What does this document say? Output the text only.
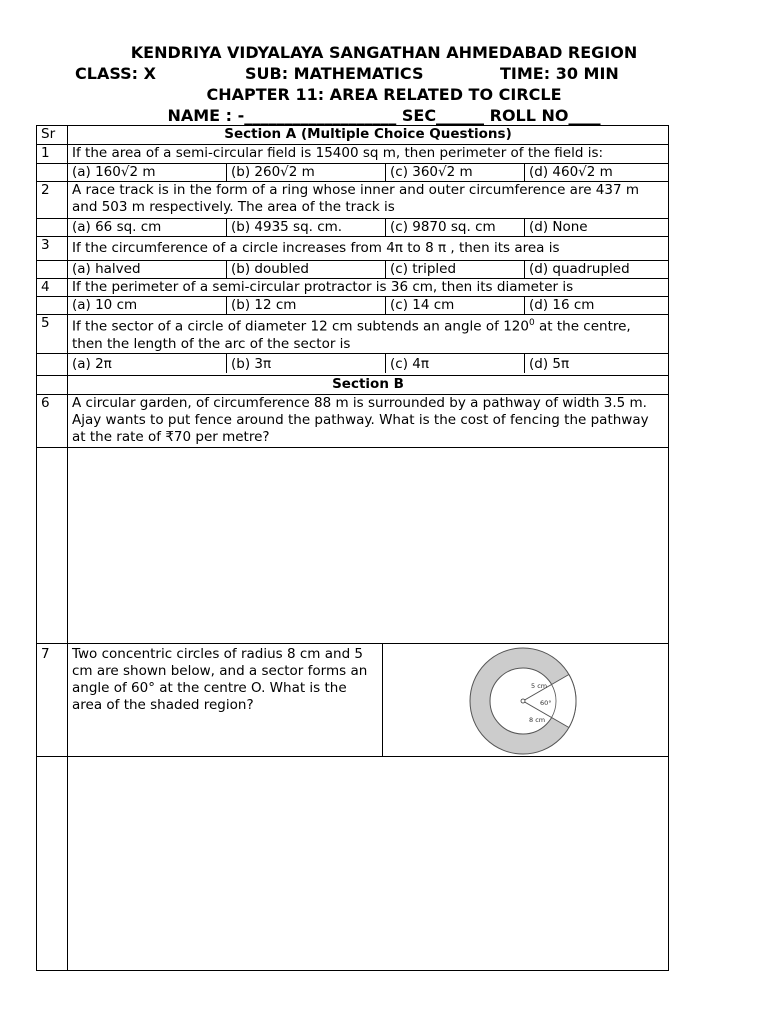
KENDRIYA VIDYALAYA SANGATHAN AHMEDABAD REGION
CLASS: X	SUB: MATHEMATICS	TIME: 30 MIN
CHAPTER 11: AREA RELATED TO CIRCLE
NAME : -___________________ SEC______ ROLL NO____
Sr	Section A (Multiple Choice Questions)
1	If the area of a semi-circular field is 15400 sq m, then perimeter of the field is:

	(a) 160√2 m (b) 260√2 m (c) 360√2 m (d) 460√2 m

2	A race track is in the form of a ring whose inner and outer circumference are 437 m and 503 m respectively. The area of the track is

	(a) 66 sq. cm (b) 4935 sq. cm. (c) 9870 sq. cm (d) None

3	If the circumference of a circle increases from 4π to 8 π , then its area is

	(a) halved (b) doubled (c) tripled (d) quadrupled

4	If the perimeter of a semi-circular protractor is 36 cm, then its diameter is

	(a) 10 cm (b) 12 cm (c) 14 cm (d) 16 cm

5	If the sector of a circle of diameter 12 cm subtends an angle of $120^0$ at the centre, then the length of the arc of the sector is

	(a) 2π (b) 3π (c) 4π (d) 5π

	Section B
6	A circular garden, of circumference 88 m is surrounded by a pathway of width 3.5 m. Ajay wants to put fence around the pathway. What is the cost of fencing the pathway at the rate of ₹70 per metre?

7	Two concentric circles of radius 8 cm and 5 cm are shown below, and a sector forms an angle of 60° at the centre O. What is the area of the shaded region?
5 cm
60°
8 cm
